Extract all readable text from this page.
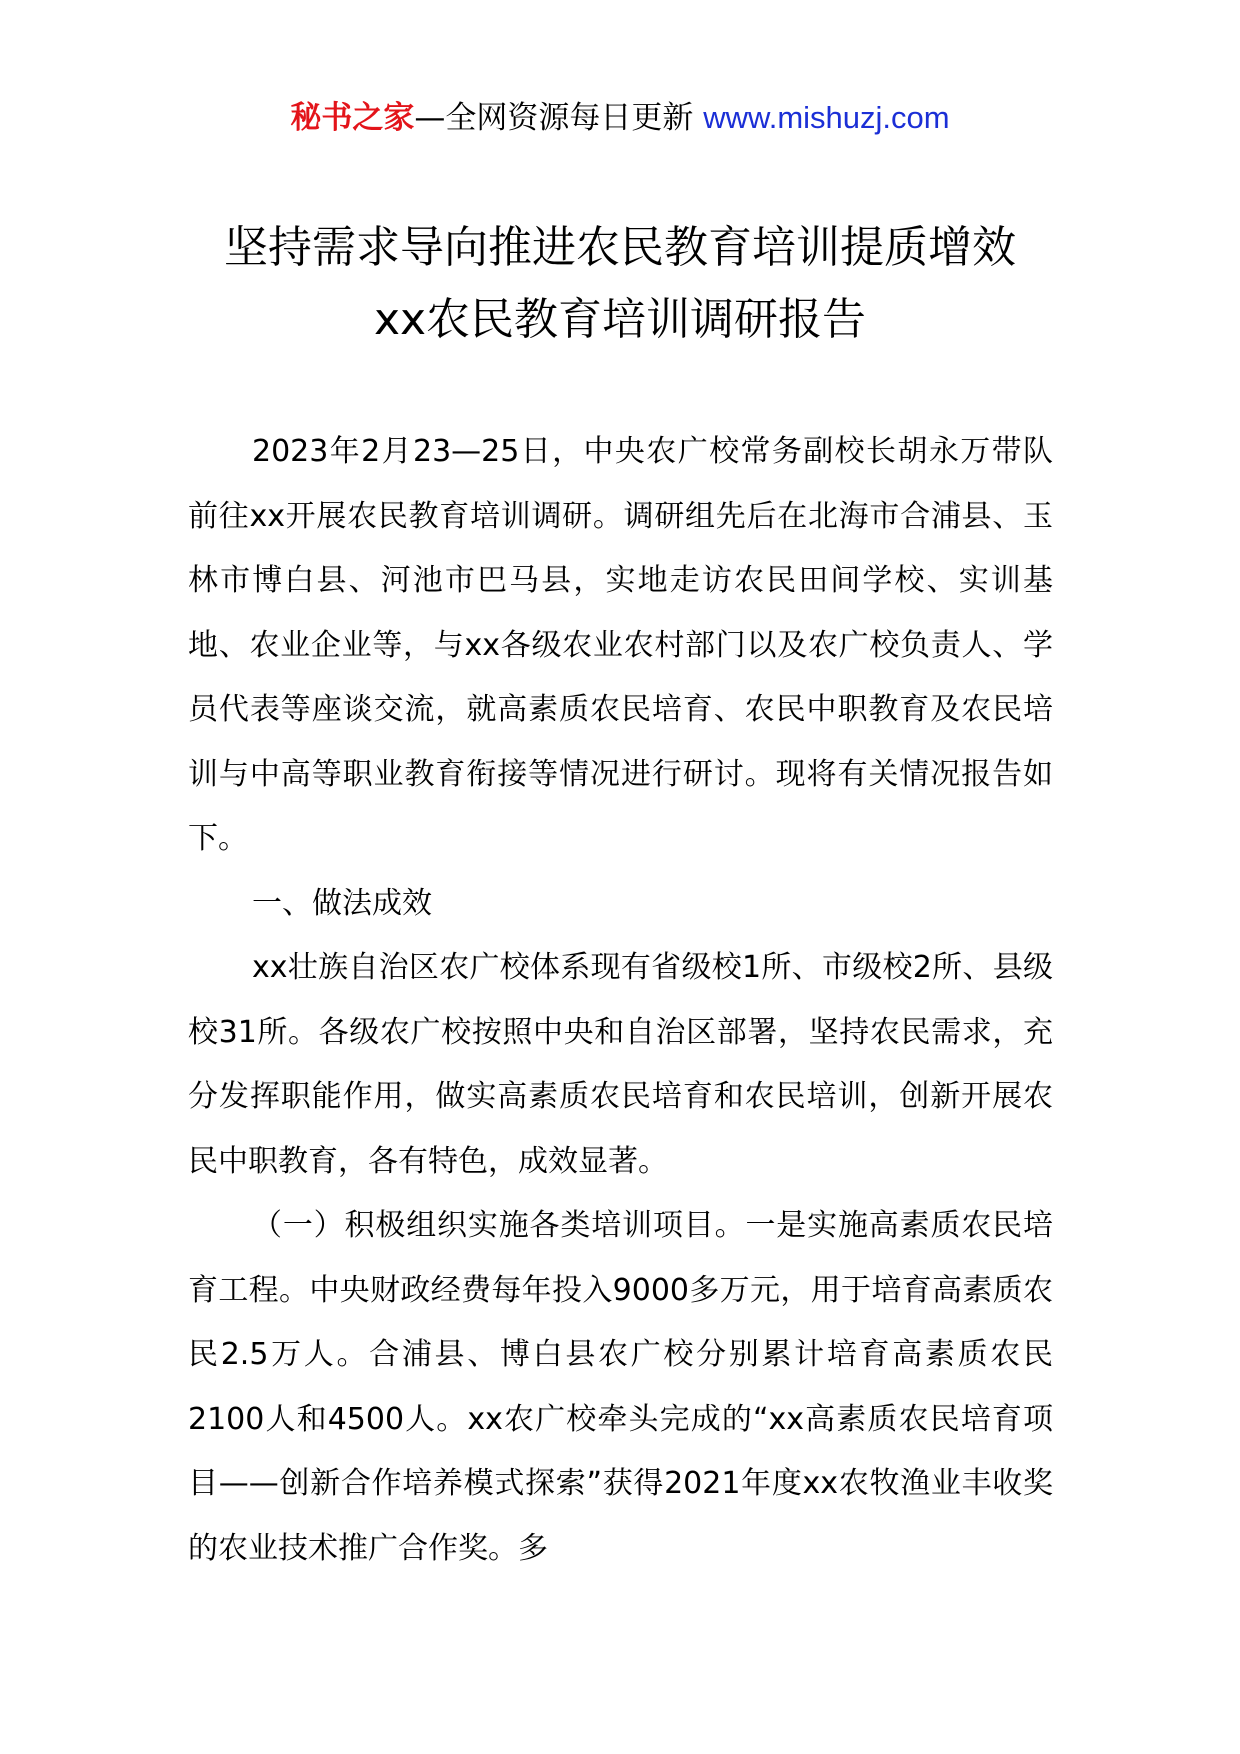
秘书之家—全网资源每日更新 www.mishuzj.com
坚持需求导向推进农民教育培训提质增效
xx农民教育培训调研报告

2023年2月23—25日，中央农广校常务副校长胡永万带队前往xx开展农民教育培训调研。调研组先后在北海市合浦县、玉林市博白县、河池市巴马县，实地走访农民田间学校、实训基地、农业企业等，与xx各级农业农村部门以及农广校负责人、学员代表等座谈交流，就高素质农民培育、农民中职教育及农民培训与中高等职业教育衔接等情况进行研讨。现将有关情况报告如下。

一、做法成效

xx壮族自治区农广校体系现有省级校1所、市级校2所、县级校31所。各级农广校按照中央和自治区部署，坚持农民需求，充分发挥职能作用，做实高素质农民培育和农民培训，创新开展农民中职教育，各有特色，成效显著。

（一）积极组织实施各类培训项目。一是实施高素质农民培育工程。中央财政经费每年投入9000多万元，用于培育高素质农民2.5万人。合浦县、博白县农广校分别累计培育高素质农民2100人和4500人。xx农广校牵头完成的“xx高素质农民培育项目——创新合作培养模式探索”获得2021年度xx农牧渔业丰收奖的农业技术推广合作奖。多
